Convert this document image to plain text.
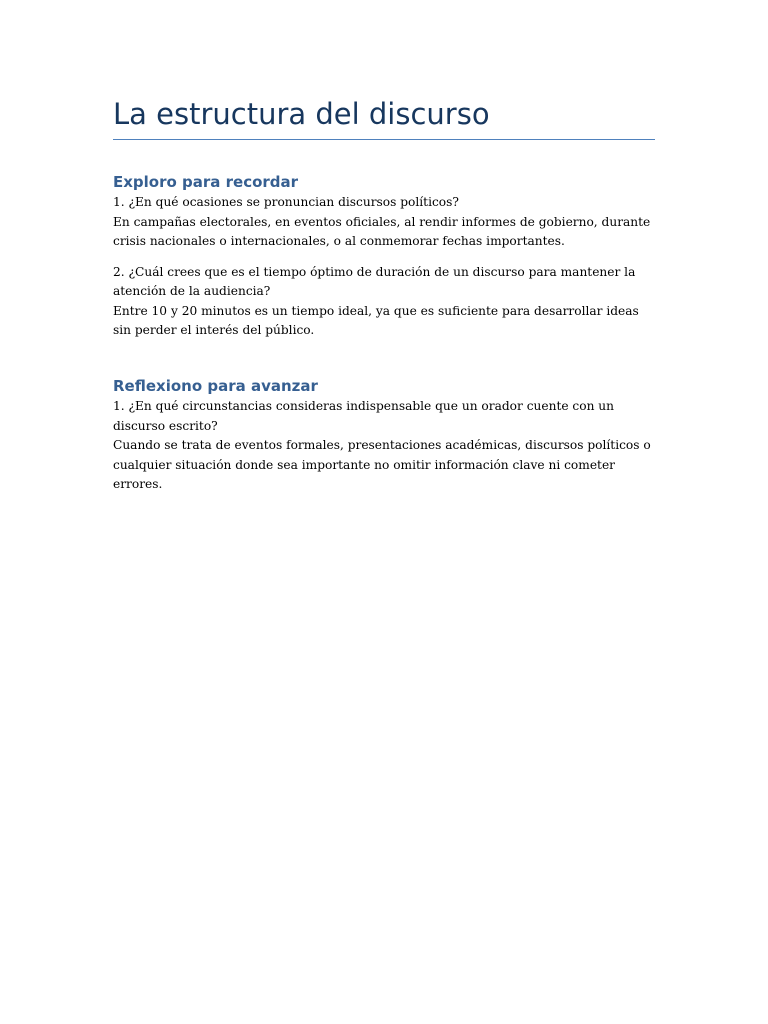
La estructura del discurso
Exploro para recordar
1. ¿En qué ocasiones se pronuncian discursos políticos?
En campañas electorales, en eventos oficiales, al rendir informes de gobierno, durante crisis nacionales o internacionales, o al conmemorar fechas importantes.
2. ¿Cuál crees que es el tiempo óptimo de duración de un discurso para mantener la atención de la audiencia?
Entre 10 y 20 minutos es un tiempo ideal, ya que es suficiente para desarrollar ideas sin perder el interés del público.
Reflexiono para avanzar
1. ¿En qué circunstancias consideras indispensable que un orador cuente con un discurso escrito?
Cuando se trata de eventos formales, presentaciones académicas, discursos políticos o cualquier situación donde sea importante no omitir información clave ni cometer errores.
